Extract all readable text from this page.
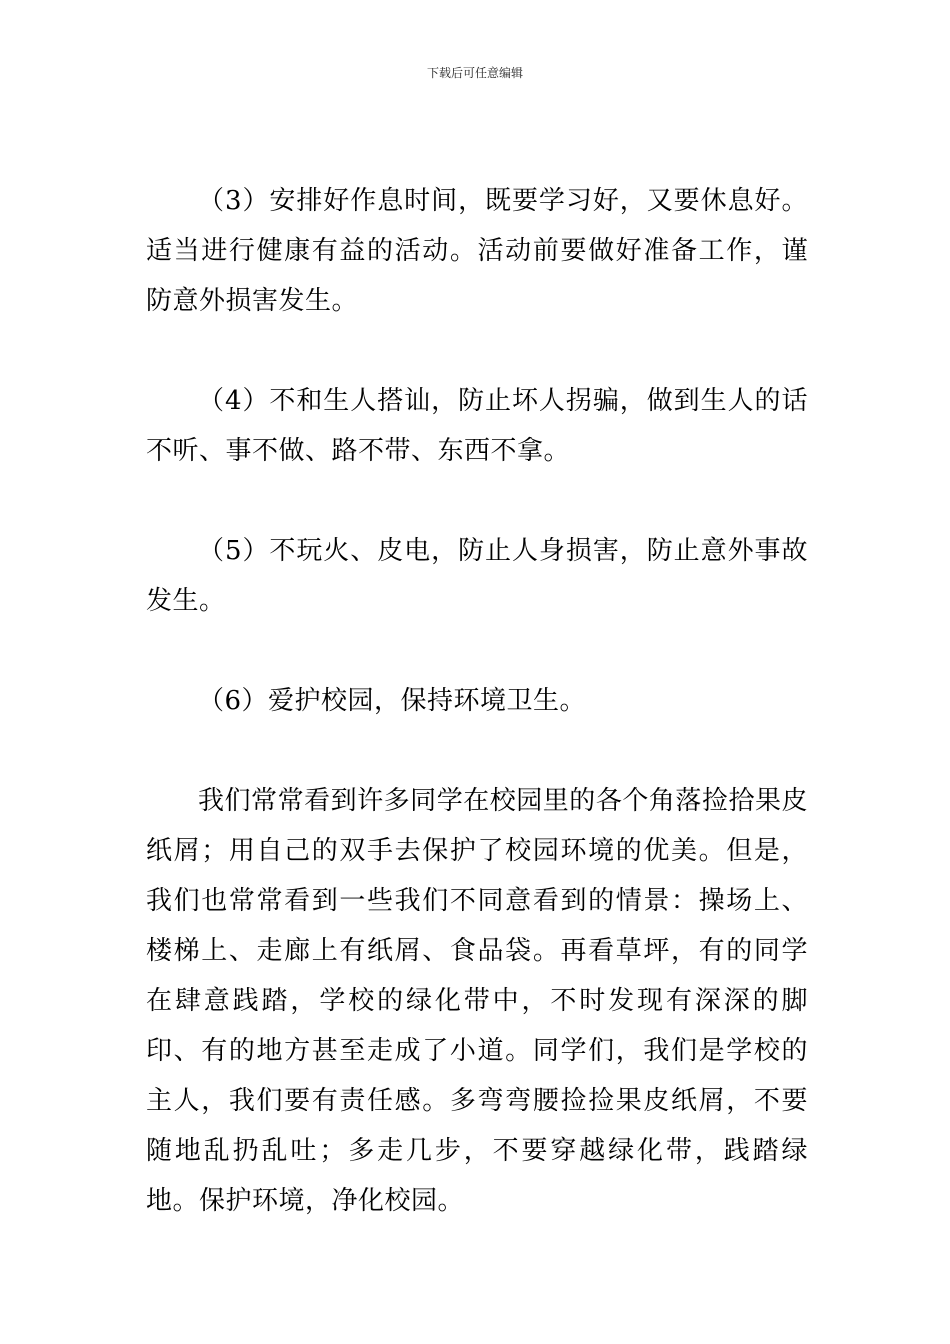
下载后可任意编辑

（3）安排好作息时间，既要学习好，又要休息好。适当进行健康有益的活动。活动前要做好准备工作，谨防意外损害发生。

（4）不和生人搭讪，防止坏人拐骗，做到生人的话不听、事不做、路不带、东西不拿。

（5）不玩火、皮电，防止人身损害，防止意外事故发生。

（6）爱护校园，保持环境卫生。

我们常常看到许多同学在校园里的各个角落捡拾果皮纸屑；用自己的双手去保护了校园环境的优美。但是，我们也常常看到一些我们不同意看到的情景：操场上、楼梯上、走廊上有纸屑、食品袋。再看草坪，有的同学在肆意践踏，学校的绿化带中，不时发现有深深的脚印、有的地方甚至走成了小道。同学们，我们是学校的主人，我们要有责任感。多弯弯腰捡捡果皮纸屑，不要随地乱扔乱吐；多走几步，不要穿越绿化带，践踏绿地。保护环境，净化校园。
